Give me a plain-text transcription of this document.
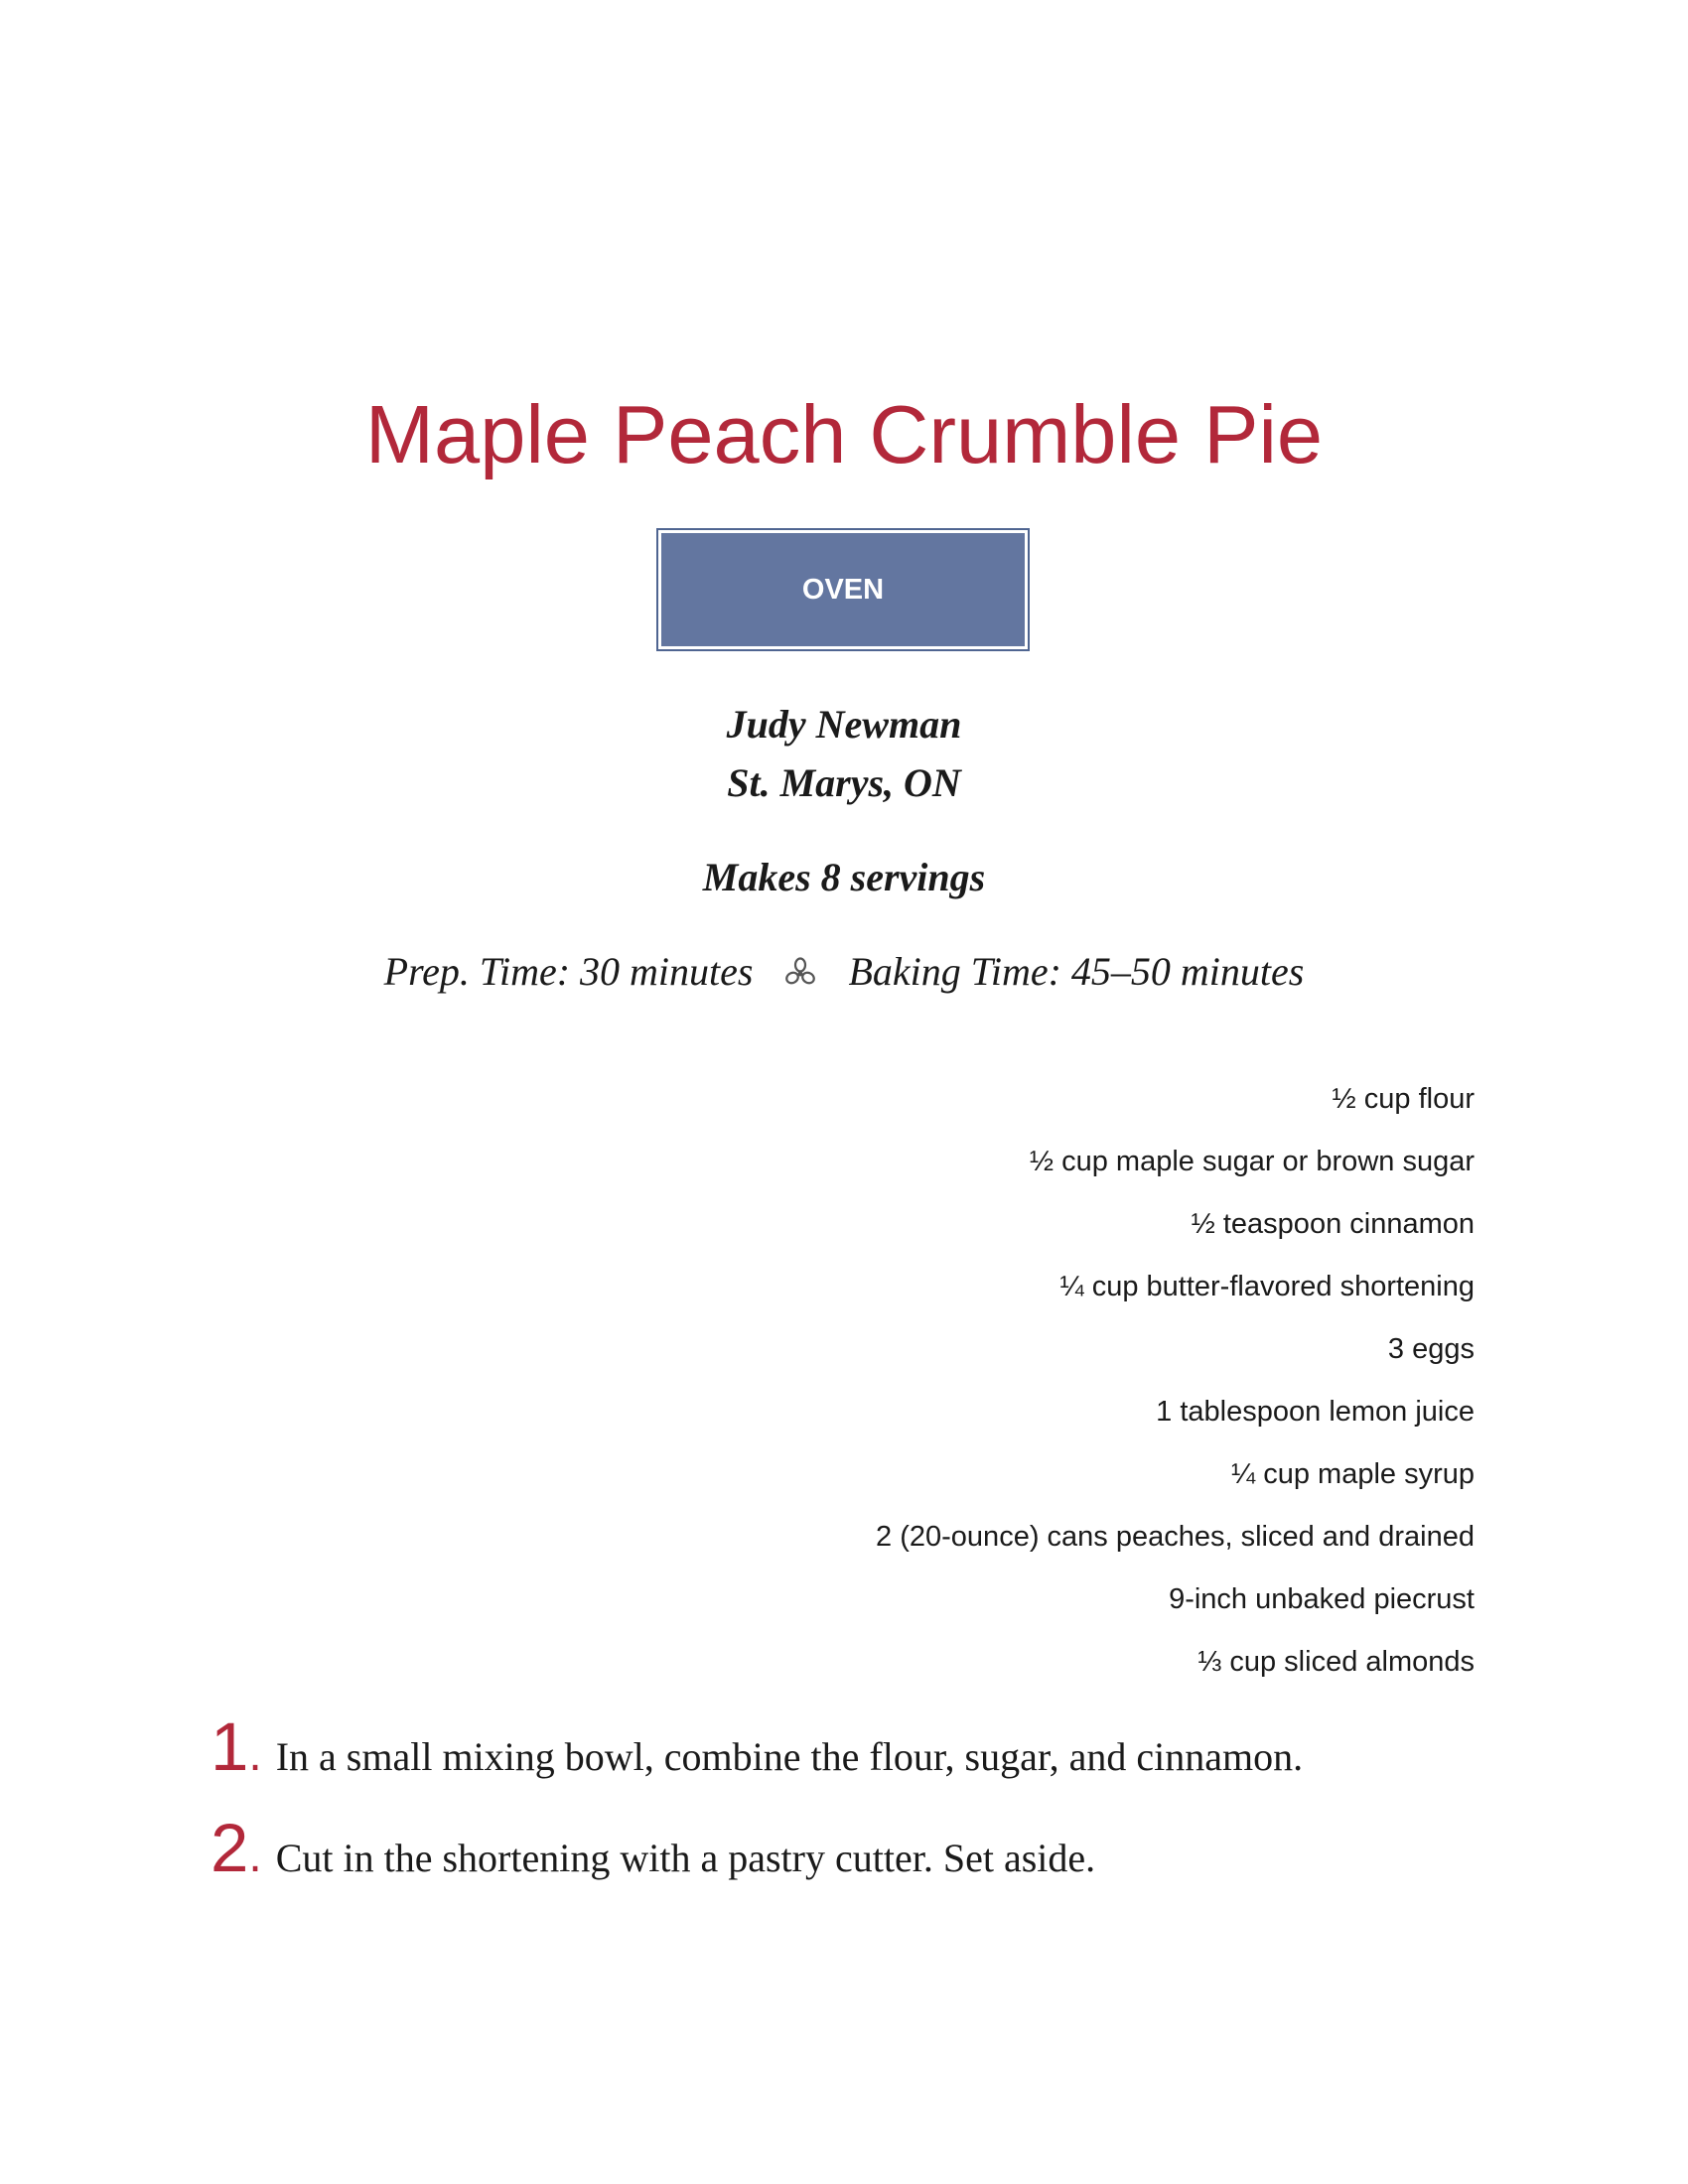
Maple Peach Crumble Pie
OVEN
Judy Newman
St. Marys, ON
Makes 8 servings
Prep. Time: 30 minutes Baking Time: 45–50 minutes
½ cup flour
½ cup maple sugar or brown sugar
½ teaspoon cinnamon
¼ cup butter-flavored shortening
3 eggs
1 tablespoon lemon juice
¼ cup maple syrup
2 (20-ounce) cans peaches, sliced and drained
9-inch unbaked piecrust
⅓ cup sliced almonds
1. In a small mixing bowl, combine the flour, sugar, and cinnamon.
2. Cut in the shortening with a pastry cutter. Set aside.
